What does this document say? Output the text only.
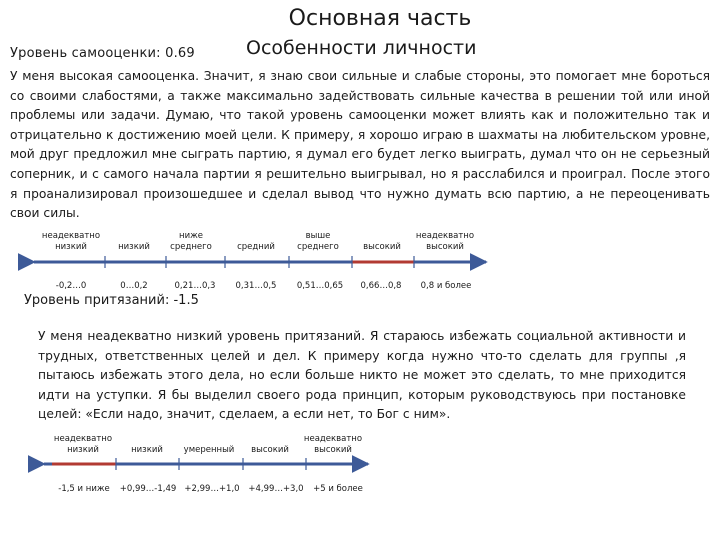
Основная часть
Особенности личности
Уровень самооценки: 0.69
У меня высокая самооценка. Значит, я знаю свои сильные и слабые стороны, это помогает мне бороться со своими слабостями, а также максимально задействовать сильные качества в решении той или иной проблемы или задачи. Думаю, что такой уровень самооценки может влиять как и положительно так и отрицательно к достижению моей цели. К примеру, я хорошо играю в шахматы на любительском уровне, мой друг предложил мне сыграть партию, я думал его будет легко выиграть, думал что он не серьезный соперник, и с самого начала партии я решительно выигрывал, но я расслабился и проиграл. После этого я проанализировал произошедшее и сделал вывод что нужно думать всю партию, а не переоценивать свои силы.
неадекватно
низкий	низкий
ниже
среднего	средний
выше
среднего	высокий
неадекватно
высокий
-0,2…0	0…0,2	0,21…0,3	0,31…0,5	0,51…0,65	0,66…0,8	0,8 и более
Уровень притязаний: -1.5
У меня неадекватно низкий уровень притязаний. Я стараюсь избежать социальной активности и трудных, ответственных целей и дел. К примеру когда нужно что-то сделать для группы ,я пытаюсь избежать этого дела, но если больше никто не может это сделать, то мне приходится идти на уступки. Я бы выделил своего рода принцип, которым руководствуюсь при постановке целей: «Если надо, значит, сделаем, а если нет, то Бог с ним».
неадекватно
низкий	низкий	умеренный	высокий
неадекватно
высокий
-1,5 и ниже	+0,99…-1,49 +2,99…+1,0	+4,99…+3,0	+5 и более
